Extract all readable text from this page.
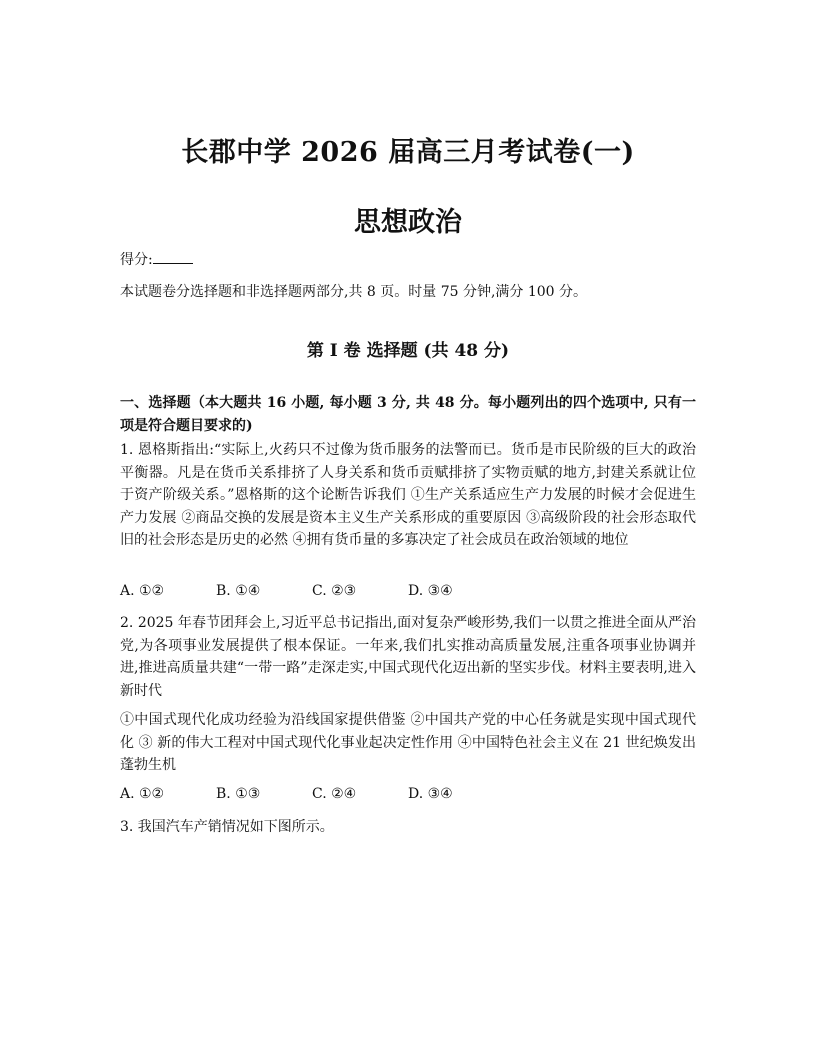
长郡中学 2026 届高三月考试卷(一)
思想政治

得分:

本试题卷分选择题和非选择题两部分,共 8 页。时量 75 分钟,满分 100 分。

第 I 卷 选择题 (共 48 分)

一、选择题（本大题共 16 小题, 每小题 3 分, 共 48 分。每小题列出的四个选项中, 只有一项是符合题目要求的)

1. 恩格斯指出:“实际上,火药只不过像为货币服务的法警而已。货币是市民阶级的巨大的政治平衡器。凡是在货币关系排挤了人身关系和货币贡赋排挤了实物贡赋的地方,封建关系就让位于资产阶级关系。”恩格斯的这个论断告诉我们 ①生产关系适应生产力发展的时候才会促进生产力发展 ②商品交换的发展是资本主义生产关系形成的重要原因 ③高级阶段的社会形态取代旧的社会形态是历史的必然 ④拥有货币量的多寡决定了社会成员在政治领域的地位

A. ①②	B. ①④	C. ②③	D. ③④

2. 2025 年春节团拜会上,习近平总书记指出,面对复杂严峻形势,我们一以贯之推进全面从严治党,为各项事业发展提供了根本保证。一年来,我们扎实推动高质量发展,注重各项事业协调并进,推进高质量共建“一带一路”走深走实,中国式现代化迈出新的坚实步伐。材料主要表明,进入新时代

①中国式现代化成功经验为沿线国家提供借鉴 ②中国共产党的中心任务就是实现中国式现代化 ③ 新的伟大工程对中国式现代化事业起决定性作用 ④中国特色社会主义在 21 世纪焕发出蓬勃生机

A. ①②	B. ①③	C. ②④	D. ③④

3. 我国汽车产销情况如下图所示。
